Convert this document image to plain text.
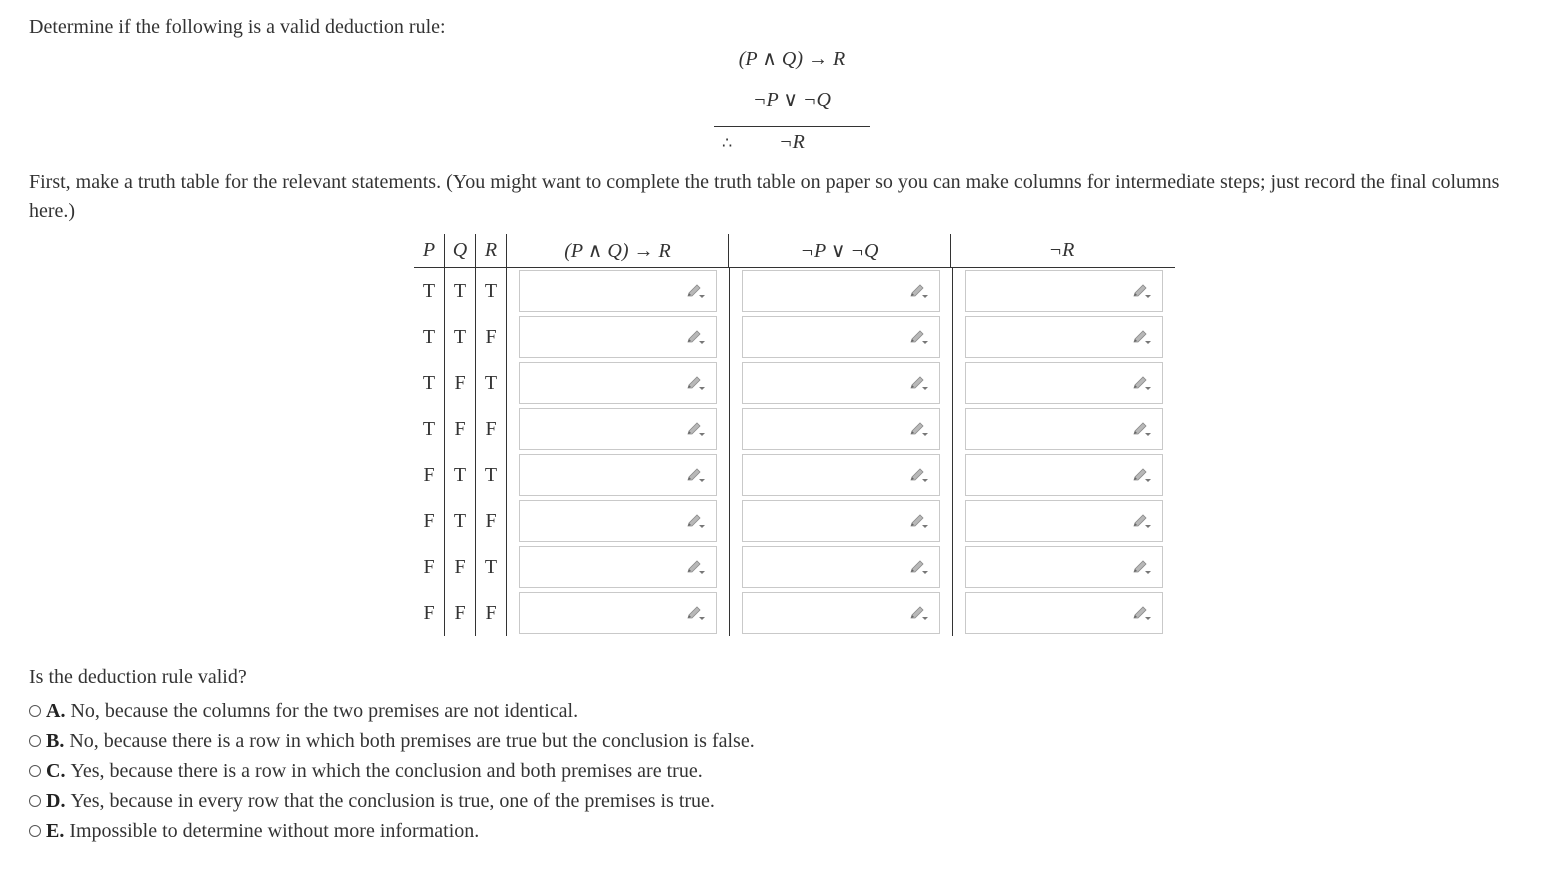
Determine if the following is a valid deduction rule:
(P ∧ Q) → R
¬P ∨ ¬Q
∴ ¬R
First, make a truth table for the relevant statements. (You might want to complete the truth table on paper so you can make columns for intermediate steps; just record the final columns here.)
P Q R	(P ∧ Q) → R	¬P ∨ ¬Q	¬R
T T T
T T F
T F T
T F F
F T T
F T F
F F T
F F F
Is the deduction rule valid?
A. No, because the columns for the two premises are not identical.
B. No, because there is a row in which both premises are true but the conclusion is false.
C. Yes, because there is a row in which the conclusion and both premises are true.
D. Yes, because in every row that the conclusion is true, one of the premises is true.
E. Impossible to determine without more information.
